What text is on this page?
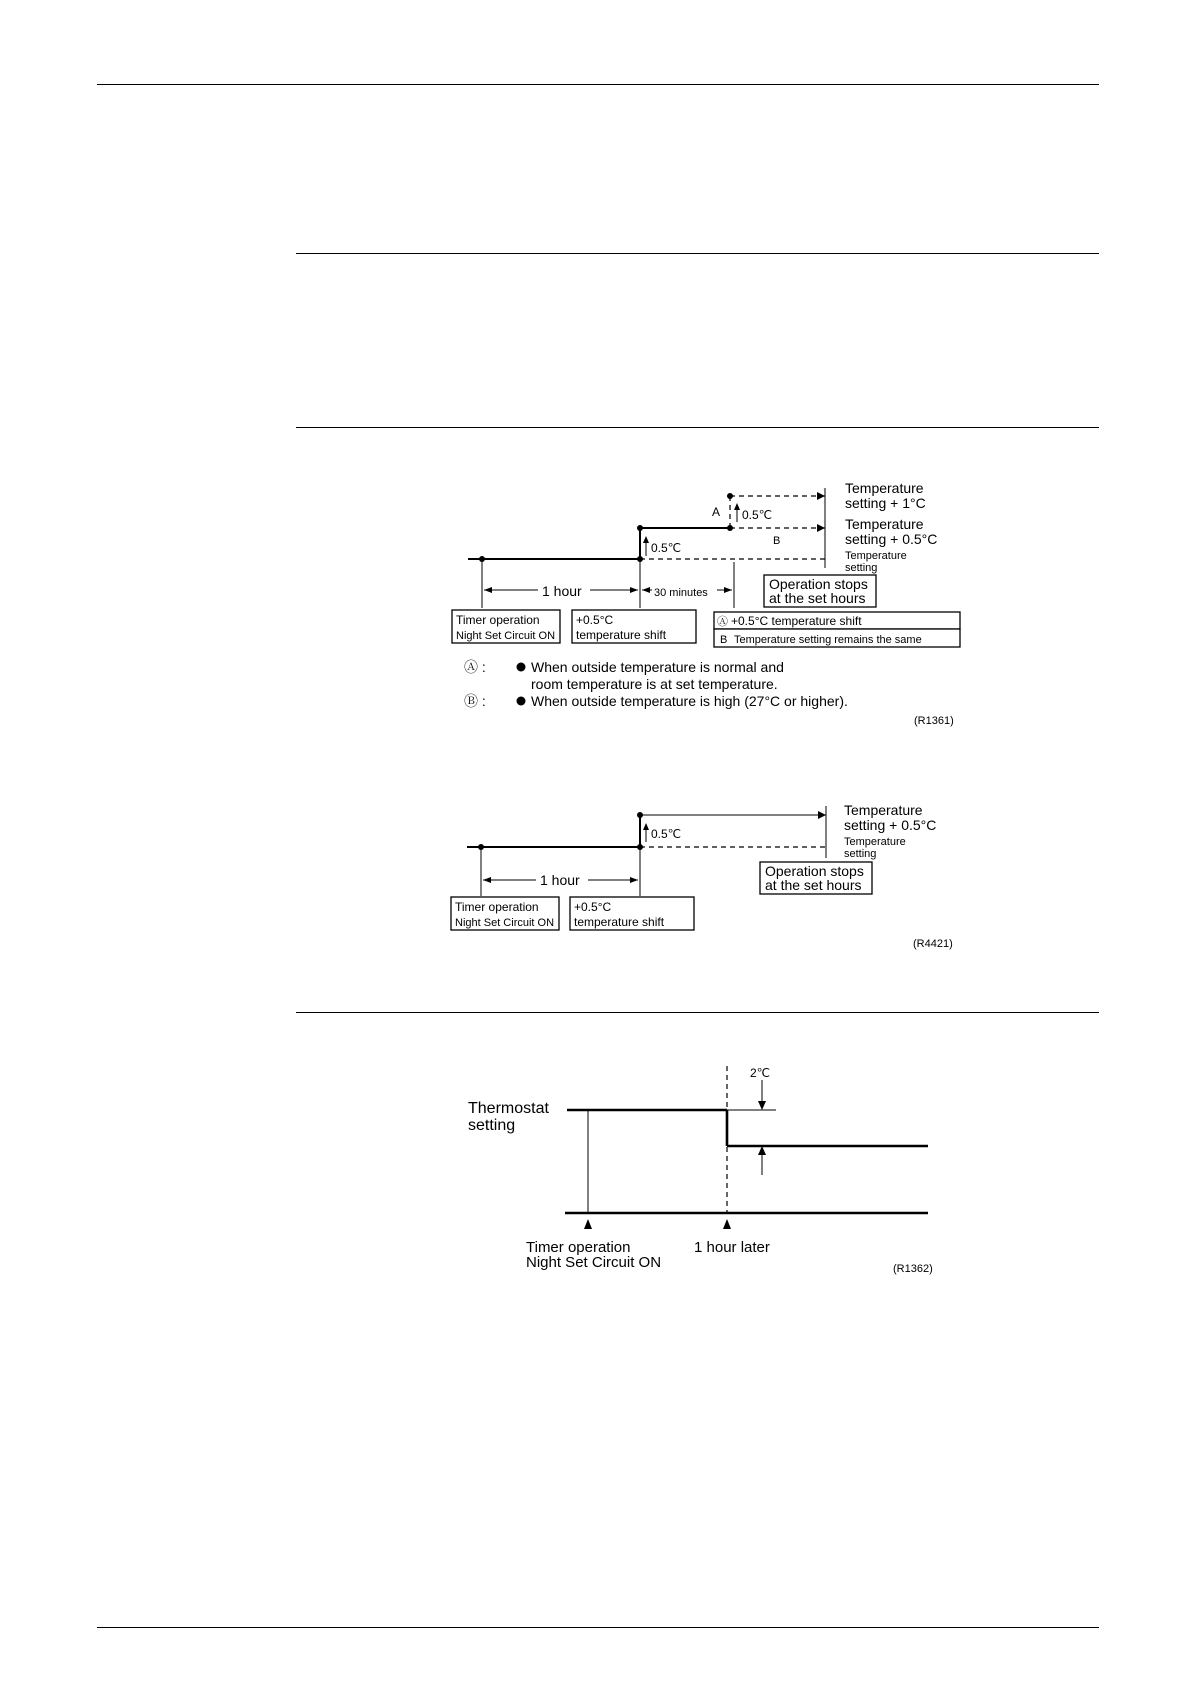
Temperature
setting + 1°C
Temperature
setting + 0.5°C
Temperature
setting
A 0.5℃
B
0.5℃
1 hour	30 minutes
Timer operation
Night Set Circuit ON
+0.5°C
temperature shift
Operation stops
at the set hours
Ⓐ +0.5°C temperature shift
B Temperature setting remains the same
Ⓐ :	When outside temperature is normal and
room temperature is at set temperature.
Ⓑ :	When outside temperature is high (27°C or higher).
(R1361)
Temperature
setting + 0.5°C
Temperature
setting
0.5℃
1 hour
Timer operation
Night Set Circuit ON
+0.5°C
temperature shift
Operation stops
at the set hours
(R4421)
Thermostat
setting
2℃
Timer operation
Night Set Circuit ON
1 hour later
(R1362)
